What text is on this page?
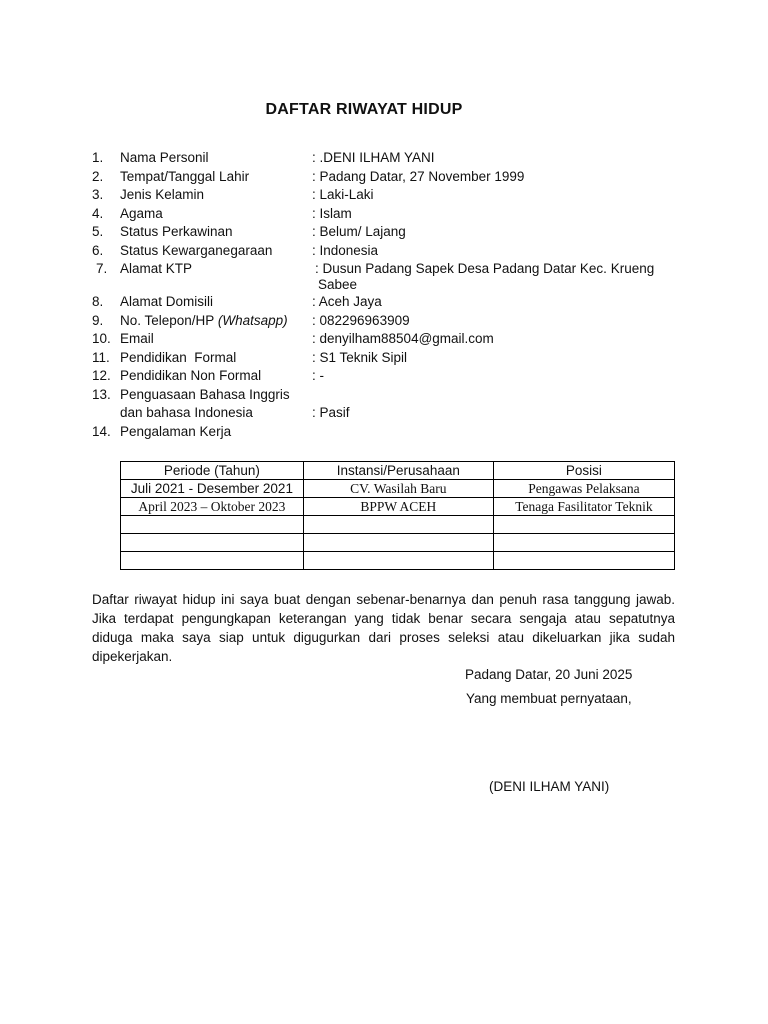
DAFTAR RIWAYAT HIDUP
1. Nama Personil	: .DENI ILHAM YANI
2. Tempat/Tanggal Lahir	: Padang Datar, 27 November 1999
3. Jenis Kelamin	: Laki-Laki
4. Agama	: Islam
5. Status Perkawinan	: Belum/ Lajang
6. Status Kewarganegaraan	: Indonesia
7. Alamat KTP	: Dusun Padang Sapek Desa Padang Datar Kec. Krueng
Sabee
8. Alamat Domisili	: Aceh Jaya
9. No. Telepon/HP (Whatsapp) : 082296963909
10. Email	: denyilham88504@gmail.com
11. Pendidikan  Formal	: S1 Teknik Sipil
12. Pendidikan Non Formal	: -
13. Penguasaan Bahasa Inggris
dan bahasa Indonesia	: Pasif
14. Pengalaman Kerja
Periode (Tahun)	Instansi/Perusahaan	Posisi
Juli 2021 - Desember 2021	CV. Wasilah Baru	Pengawas Pelaksana
April 2023 – Oktober 2023	BPPW ACEH	Tenaga Fasilitator Teknik

Daftar riwayat hidup ini saya buat dengan sebenar-benarnya dan penuh rasa tanggung jawab. Jika terdapat pengungkapan keterangan yang tidak benar secara sengaja atau sepatutnya diduga maka saya siap untuk digugurkan dari proses seleksi atau dikeluarkan jika sudah dipekerjakan.
Padang Datar, 20 Juni 2025
Yang membuat pernyataan,
(DENI ILHAM YANI)
